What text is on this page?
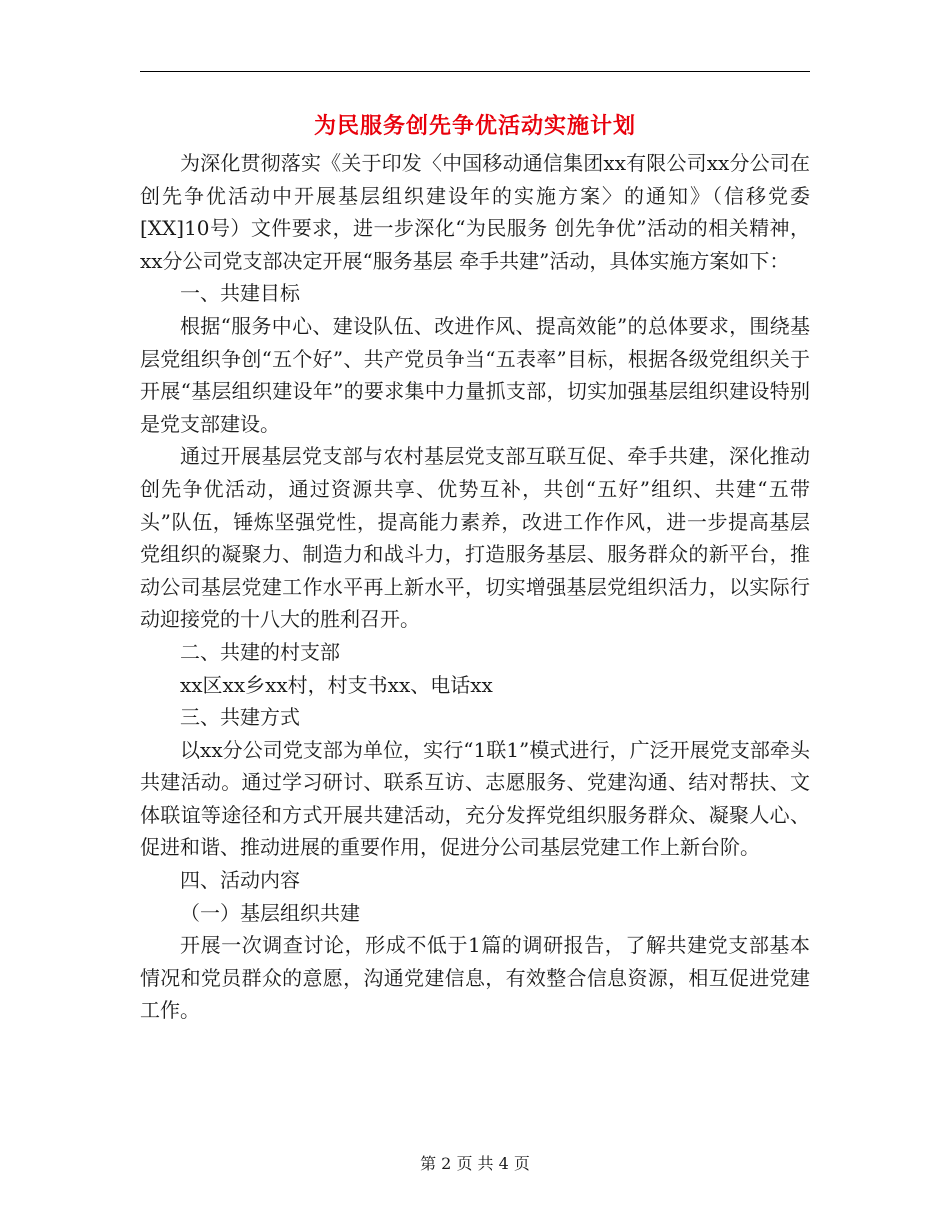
为民服务创先争优活动实施计划

为深化贯彻落实《关于印发〈中国移动通信集团xx有限公司xx分公司在创先争优活动中开展基层组织建设年的实施方案〉的通知》（信移党委[XX]10号）文件要求，进一步深化“为民服务 创先争优”活动的相关精神，xx分公司党支部决定开展“服务基层 牵手共建”活动，具体实施方案如下：

一、共建目标

根据“服务中心、建设队伍、改进作风、提高效能”的总体要求，围绕基层党组织争创“五个好”、共产党员争当“五表率”目标，根据各级党组织关于开展“基层组织建设年”的要求集中力量抓支部，切实加强基层组织建设特别是党支部建设。

通过开展基层党支部与农村基层党支部互联互促、牵手共建，深化推动创先争优活动，通过资源共享、优势互补，共创“五好”组织、共建“五带头”队伍，锤炼坚强党性，提高能力素养，改进工作作风，进一步提高基层党组织的凝聚力、制造力和战斗力，打造服务基层、服务群众的新平台，推动公司基层党建工作水平再上新水平，切实增强基层党组织活力，以实际行动迎接党的十八大的胜利召开。

二、共建的村支部

xx区xx乡xx村，村支书xx、电话xx

三、共建方式

以xx分公司党支部为单位，实行“1联1”模式进行，广泛开展党支部牵头共建活动。通过学习研讨、联系互访、志愿服务、党建沟通、结对帮扶、文体联谊等途径和方式开展共建活动，充分发挥党组织服务群众、凝聚人心、促进和谐、推动进展的重要作用，促进分公司基层党建工作上新台阶。

四、活动内容

（一）基层组织共建

开展一次调查讨论，形成不低于1篇的调研报告，了解共建党支部基本情况和党员群众的意愿，沟通党建信息，有效整合信息资源，相互促进党建工作。

第 2 页 共 4 页
